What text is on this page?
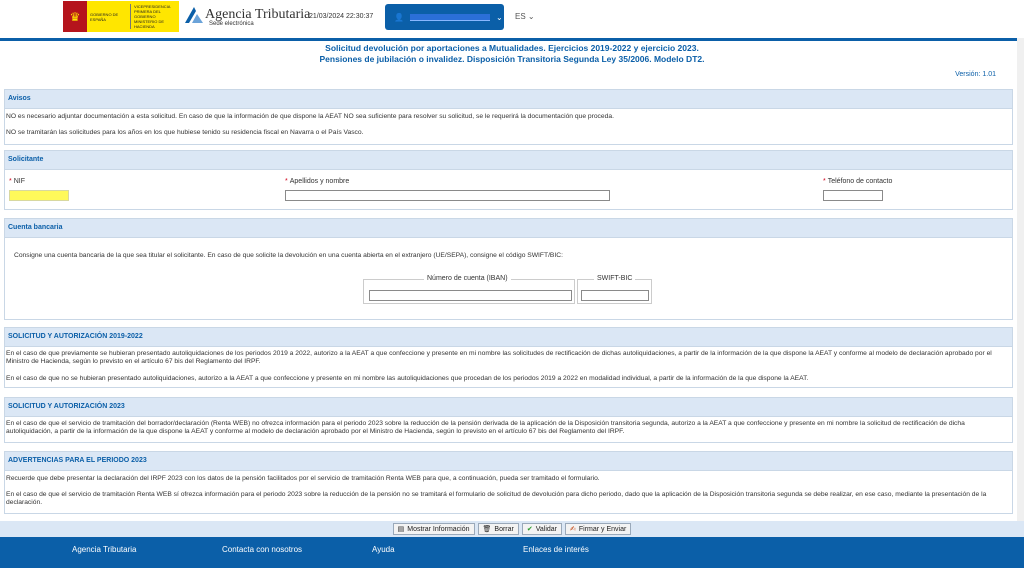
♛	GOBIERNO DE ESPAÑA
VICEPRESIDENCIA PRIMERA DEL GOBIERNO
MINISTERIO DE HACIENDA
Agencia Tributaria
Sede electrónica
21/03/2024 22:30:37	👤	⌄ ES ⌄
Solicitud devolución por aportaciones a Mutualidades. Ejercicios 2019-2022 y ejercicio 2023.
Pensiones de jubilación o invalidez. Disposición Transitoria Segunda Ley 35/2006. Modelo DT2.
Versión: 1.01
Avisos
NO es necesario adjuntar documentación a esta solicitud. En caso de que la información de que dispone la AEAT NO sea suficiente para resolver su solicitud, se le requerirá la documentación que proceda.
NO se tramitarán las solicitudes para los años en los que hubiese tenido su residencia fiscal en Navarra o el País Vasco.
Solicitante
* NIF	* Apellidos y nombre	* Teléfono de contacto
Cuenta bancaria
Consigne una cuenta bancaria de la que sea titular el solicitante. En caso de que solicite la devolución en una cuenta abierta en el extranjero (UE/SEPA), consigne el código SWIFT/BIC:
Número de cuenta (IBAN)	SWIFT-BIC
SOLICITUD Y AUTORIZACIÓN 2019-2022
En el caso de que previamente se hubieran presentado autoliquidaciones de los periodos 2019 a 2022, autorizo a la AEAT a que confeccione y presente en mi nombre las solicitudes de rectificación de dichas autoliquidaciones, a partir de la información de la que dispone la AEAT y conforme al modelo de declaración aprobado por el Ministro de Hacienda, según lo previsto en el artículo 67 bis del Reglamento del IRPF.
En el caso de que no se hubieran presentado autoliquidaciones, autorizo a la AEAT a que confeccione y presente en mi nombre las autoliquidaciones que procedan de los periodos 2019 a 2022 en modalidad individual, a partir de la información de la que dispone la AEAT.
SOLICITUD Y AUTORIZACIÓN 2023
En el caso de que el servicio de tramitación del borrador/declaración (Renta WEB) no ofrezca información para el periodo 2023 sobre la reducción de la pensión derivada de la aplicación de la Disposición transitoria segunda, autorizo a la AEAT a que confeccione y presente en mi nombre la solicitud de rectificación de dicha autoliquidación, a partir de la información de la que dispone la AEAT y conforme al modelo de declaración aprobado por el Ministro de Hacienda, según lo previsto en el artículo 67 bis del Reglamento del IRPF.
ADVERTENCIAS PARA EL PERIODO 2023
Recuerde que debe presentar la declaración del IRPF 2023 con los datos de la pensión facilitados por el servicio de tramitación Renta WEB para que, a continuación, pueda ser tramitado el formulario.
En el caso de que el servicio de tramitación Renta WEB sí ofrezca información para el periodo 2023 sobre la reducción de la pensión no se tramitará el formulario de solicitud de devolución para dicho periodo, dado que la aplicación de la Disposición transitoria segunda se debe realizar, en ese caso, mediante la presentación de la declaración.
▤ Mostrar Información 🗑 Borrar ✔ Validar ✍ Firmar y Enviar
Agencia Tributaria	Contacta con nosotros	Ayuda	Enlaces de interés
